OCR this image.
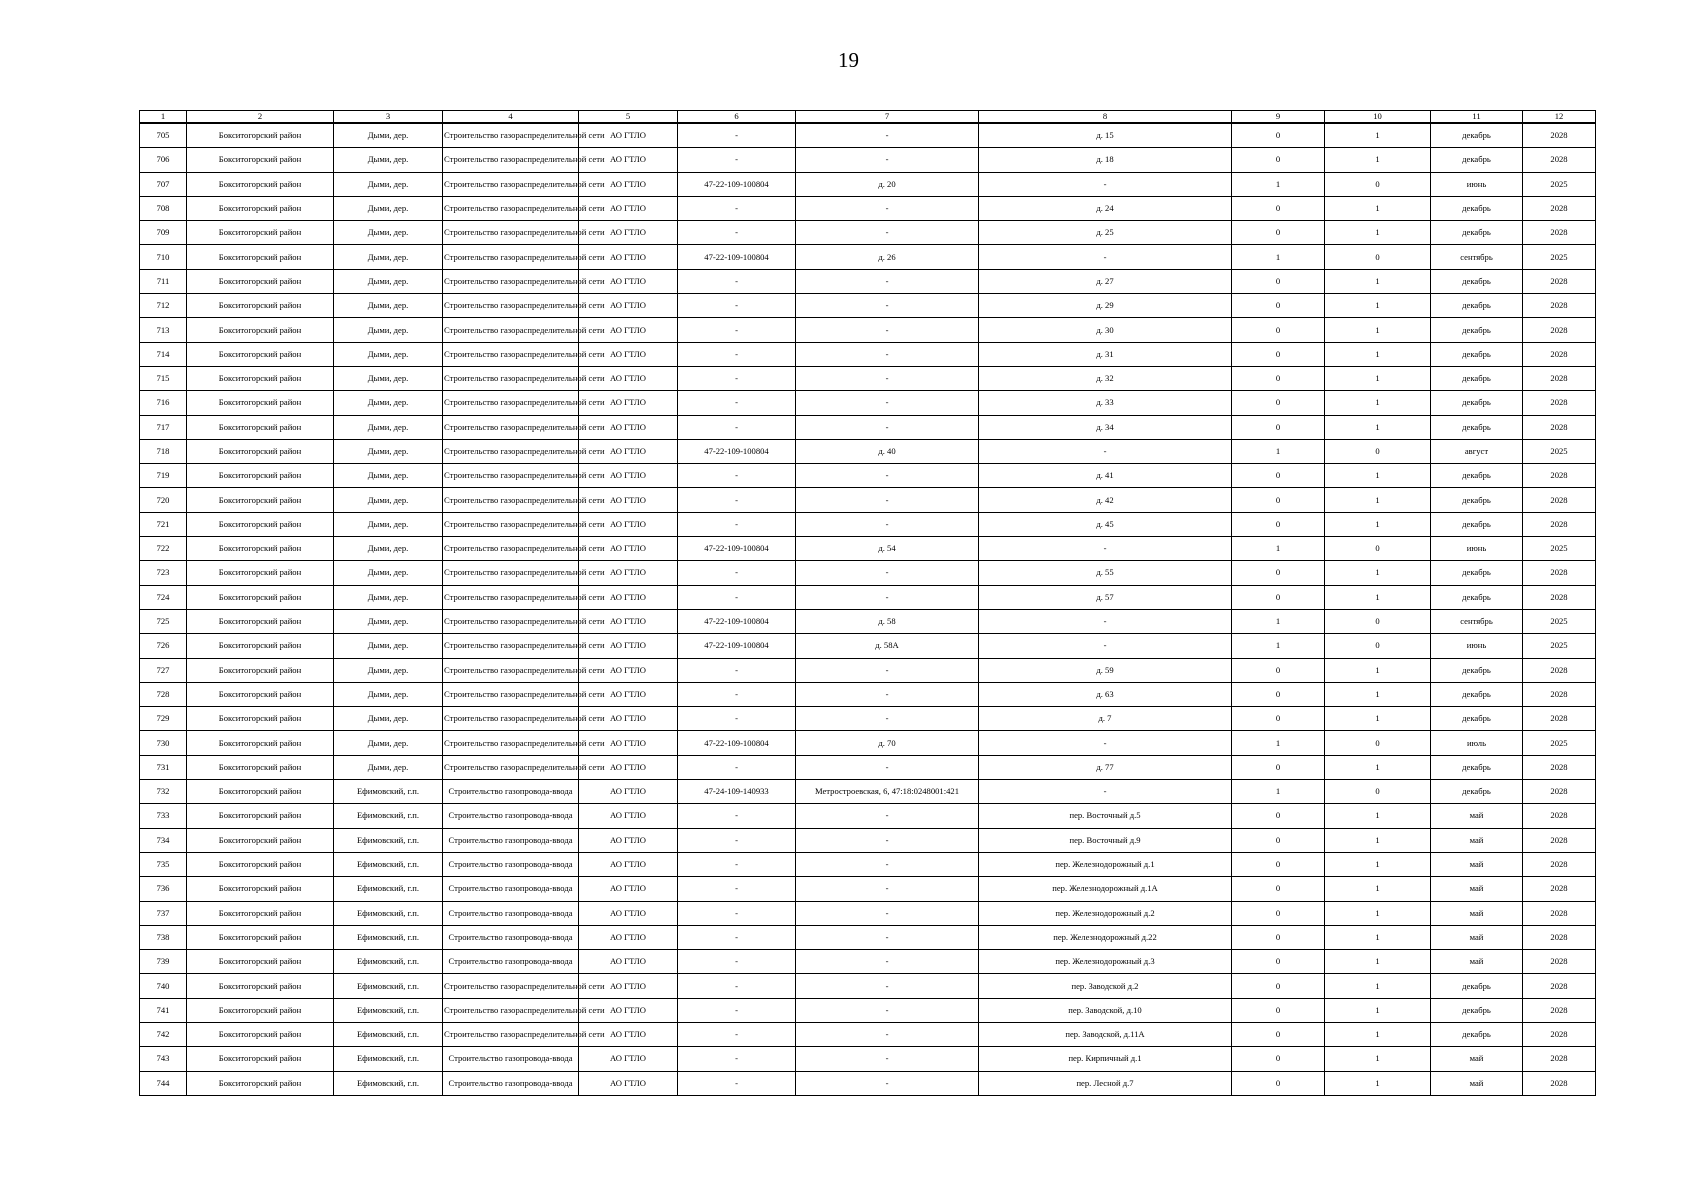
19
1	2	3	4	5	6	7	8	9	10	11	12
705	Бокситогорский район	Дыми, дер.	Строительство газораспределительной сети	АО ГТЛО	-	-	д. 15	0	1	декабрь	2028
706	Бокситогорский район	Дыми, дер.	Строительство газораспределительной сети	АО ГТЛО	-	-	д. 18	0	1	декабрь	2028
707	Бокситогорский район	Дыми, дер.	Строительство газораспределительной сети	АО ГТЛО	47-22-109-100804	д. 20	-	1	0	июнь	2025
708	Бокситогорский район	Дыми, дер.	Строительство газораспределительной сети	АО ГТЛО	-	-	д. 24	0	1	декабрь	2028
709	Бокситогорский район	Дыми, дер.	Строительство газораспределительной сети	АО ГТЛО	-	-	д. 25	0	1	декабрь	2028
710	Бокситогорский район	Дыми, дер.	Строительство газораспределительной сети	АО ГТЛО	47-22-109-100804	д. 26	-	1	0	сентябрь	2025
711	Бокситогорский район	Дыми, дер.	Строительство газораспределительной сети	АО ГТЛО	-	-	д. 27	0	1	декабрь	2028
712	Бокситогорский район	Дыми, дер.	Строительство газораспределительной сети	АО ГТЛО	-	-	д. 29	0	1	декабрь	2028
713	Бокситогорский район	Дыми, дер.	Строительство газораспределительной сети	АО ГТЛО	-	-	д. 30	0	1	декабрь	2028
714	Бокситогорский район	Дыми, дер.	Строительство газораспределительной сети	АО ГТЛО	-	-	д. 31	0	1	декабрь	2028
715	Бокситогорский район	Дыми, дер.	Строительство газораспределительной сети	АО ГТЛО	-	-	д. 32	0	1	декабрь	2028
716	Бокситогорский район	Дыми, дер.	Строительство газораспределительной сети	АО ГТЛО	-	-	д. 33	0	1	декабрь	2028
717	Бокситогорский район	Дыми, дер.	Строительство газораспределительной сети	АО ГТЛО	-	-	д. 34	0	1	декабрь	2028
718	Бокситогорский район	Дыми, дер.	Строительство газораспределительной сети	АО ГТЛО	47-22-109-100804	д. 40	-	1	0	август	2025
719	Бокситогорский район	Дыми, дер.	Строительство газораспределительной сети	АО ГТЛО	-	-	д. 41	0	1	декабрь	2028
720	Бокситогорский район	Дыми, дер.	Строительство газораспределительной сети	АО ГТЛО	-	-	д. 42	0	1	декабрь	2028
721	Бокситогорский район	Дыми, дер.	Строительство газораспределительной сети	АО ГТЛО	-	-	д. 45	0	1	декабрь	2028
722	Бокситогорский район	Дыми, дер.	Строительство газораспределительной сети	АО ГТЛО	47-22-109-100804	д. 54	-	1	0	июнь	2025
723	Бокситогорский район	Дыми, дер.	Строительство газораспределительной сети	АО ГТЛО	-	-	д. 55	0	1	декабрь	2028
724	Бокситогорский район	Дыми, дер.	Строительство газораспределительной сети	АО ГТЛО	-	-	д. 57	0	1	декабрь	2028
725	Бокситогорский район	Дыми, дер.	Строительство газораспределительной сети	АО ГТЛО	47-22-109-100804	д. 58	-	1	0	сентябрь	2025
726	Бокситогорский район	Дыми, дер.	Строительство газораспределительной сети	АО ГТЛО	47-22-109-100804	д. 58А	-	1	0	июнь	2025
727	Бокситогорский район	Дыми, дер.	Строительство газораспределительной сети	АО ГТЛО	-	-	д. 59	0	1	декабрь	2028
728	Бокситогорский район	Дыми, дер.	Строительство газораспределительной сети	АО ГТЛО	-	-	д. 63	0	1	декабрь	2028
729	Бокситогорский район	Дыми, дер.	Строительство газораспределительной сети	АО ГТЛО	-	-	д. 7	0	1	декабрь	2028
730	Бокситогорский район	Дыми, дер.	Строительство газораспределительной сети	АО ГТЛО	47-22-109-100804	д. 70	-	1	0	июль	2025
731	Бокситогорский район	Дыми, дер.	Строительство газораспределительной сети	АО ГТЛО	-	-	д. 77	0	1	декабрь	2028
732	Бокситогорский район	Ефимовский, г.п.	Строительство газопровода-ввода	АО ГТЛО	47-24-109-140933	Метростроевская, 6, 47:18:0248001:421	-	1	0	декабрь	2028
733	Бокситогорский район	Ефимовский, г.п.	Строительство газопровода-ввода	АО ГТЛО	-	-	пер. Восточный д.5	0	1	май	2028
734	Бокситогорский район	Ефимовский, г.п.	Строительство газопровода-ввода	АО ГТЛО	-	-	пер. Восточный д.9	0	1	май	2028
735	Бокситогорский район	Ефимовский, г.п.	Строительство газопровода-ввода	АО ГТЛО	-	-	пер. Железнодорожный д.1	0	1	май	2028
736	Бокситогорский район	Ефимовский, г.п.	Строительство газопровода-ввода	АО ГТЛО	-	-	пер. Железнодорожный д.1А	0	1	май	2028
737	Бокситогорский район	Ефимовский, г.п.	Строительство газопровода-ввода	АО ГТЛО	-	-	пер. Железнодорожный д.2	0	1	май	2028
738	Бокситогорский район	Ефимовский, г.п.	Строительство газопровода-ввода	АО ГТЛО	-	-	пер. Железнодорожный д.22	0	1	май	2028
739	Бокситогорский район	Ефимовский, г.п.	Строительство газопровода-ввода	АО ГТЛО	-	-	пер. Железнодорожный д.3	0	1	май	2028
740	Бокситогорский район	Ефимовский, г.п.	Строительство газораспределительной сети	АО ГТЛО	-	-	пер. Заводской д.2	0	1	декабрь	2028
741	Бокситогорский район	Ефимовский, г.п.	Строительство газораспределительной сети	АО ГТЛО	-	-	пер. Заводской, д.10	0	1	декабрь	2028
742	Бокситогорский район	Ефимовский, г.п.	Строительство газораспределительной сети	АО ГТЛО	-	-	пер. Заводской, д.11А	0	1	декабрь	2028
743	Бокситогорский район	Ефимовский, г.п.	Строительство газопровода-ввода	АО ГТЛО	-	-	пер. Кирпичный д.1	0	1	май	2028
744	Бокситогорский район	Ефимовский, г.п.	Строительство газопровода-ввода	АО ГТЛО	-	-	пер. Лесной д.7	0	1	май	2028
